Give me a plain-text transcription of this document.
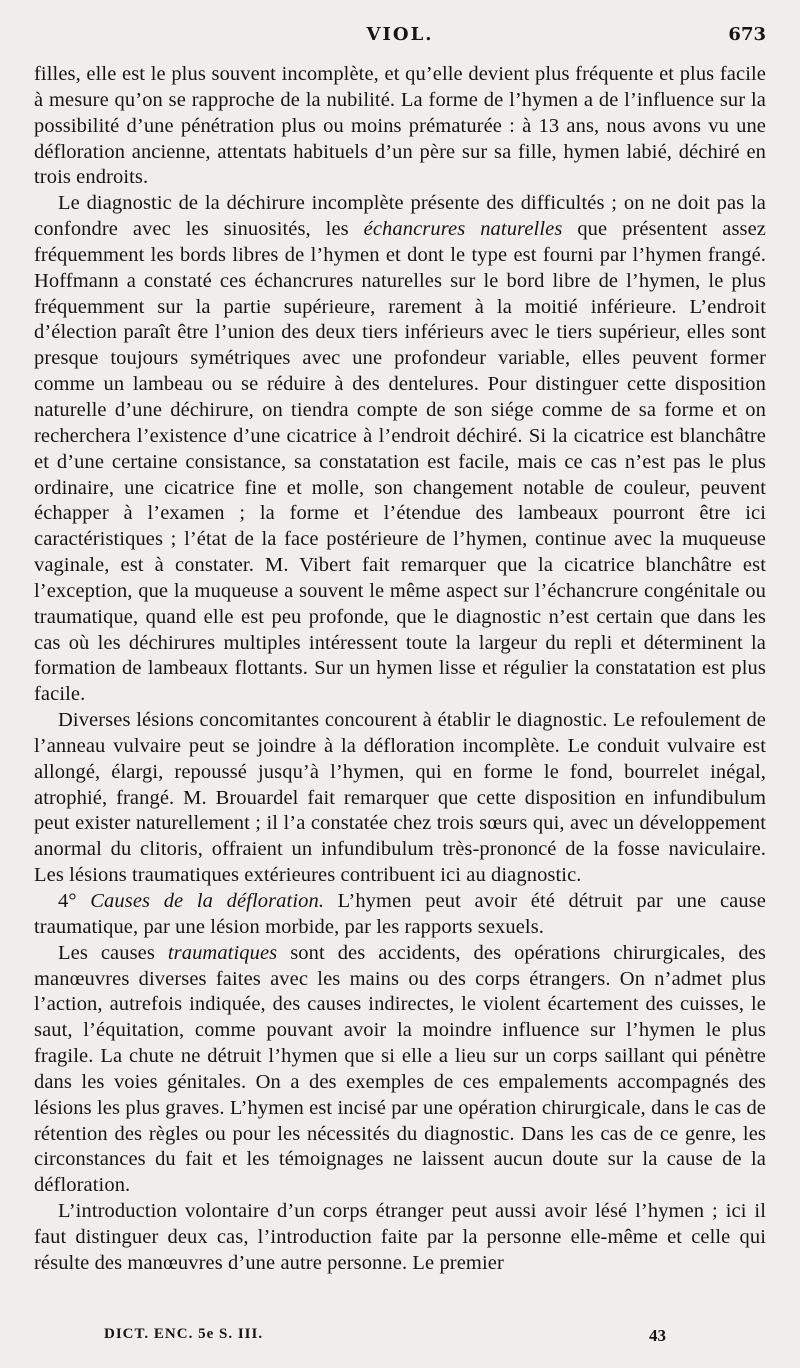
VIOL.	673

filles, elle est le plus souvent incomplète, et qu’elle devient plus fréquente et plus facile à mesure qu’on se rapproche de la nubilité. La forme de l’hymen a de l’influence sur la possibilité d’une pénétration plus ou moins prématurée : à 13 ans, nous avons vu une défloration ancienne, attentats habituels d’un père sur sa fille, hymen labié, déchiré en trois endroits.

Le diagnostic de la déchirure incomplète présente des difficultés ; on ne doit pas la confondre avec les sinuosités, les échancrures naturelles que présentent assez fréquemment les bords libres de l’hymen et dont le type est fourni par l’hymen frangé. Hoffmann a constaté ces échancrures naturelles sur le bord libre de l’hymen, le plus fréquemment sur la partie supérieure, rarement à la moitié inférieure. L’endroit d’élection paraît être l’union des deux tiers inférieurs avec le tiers supérieur, elles sont presque toujours symétriques avec une profondeur variable, elles peuvent former comme un lambeau ou se réduire à des dentelures. Pour distinguer cette disposition naturelle d’une déchirure, on tiendra compte de son siége comme de sa forme et on recherchera l’existence d’une cicatrice à l’endroit déchiré. Si la cicatrice est blanchâtre et d’une certaine consistance, sa constatation est facile, mais ce cas n’est pas le plus ordinaire, une cicatrice fine et molle, son changement notable de couleur, peuvent échapper à l’examen ; la forme et l’étendue des lambeaux pourront être ici caractéristiques ; l’état de la face postérieure de l’hymen, continue avec la muqueuse vaginale, est à constater. M. Vibert fait remarquer que la cicatrice blanchâtre est l’exception, que la muqueuse a souvent le même aspect sur l’échancrure congénitale ou traumatique, quand elle est peu profonde, que le diagnostic n’est certain que dans les cas où les déchirures multiples intéressent toute la largeur du repli et déterminent la formation de lambeaux flottants. Sur un hymen lisse et régulier la constatation est plus facile.

Diverses lésions concomitantes concourent à établir le diagnostic. Le refoulement de l’anneau vulvaire peut se joindre à la défloration incomplète. Le conduit vulvaire est allongé, élargi, repoussé jusqu’à l’hymen, qui en forme le fond, bourrelet inégal, atrophié, frangé. M. Brouardel fait remarquer que cette disposition en infundibulum peut exister naturellement ; il l’a constatée chez trois sœurs qui, avec un développement anormal du clitoris, offraient un infundibulum très-prononcé de la fosse naviculaire. Les lésions traumatiques extérieures contribuent ici au diagnostic.

4° Causes de la défloration. L’hymen peut avoir été détruit par une cause traumatique, par une lésion morbide, par les rapports sexuels.

Les causes traumatiques sont des accidents, des opérations chirurgicales, des manœuvres diverses faites avec les mains ou des corps étrangers. On n’admet plus l’action, autrefois indiquée, des causes indirectes, le violent écartement des cuisses, le saut, l’équitation, comme pouvant avoir la moindre influence sur l’hymen le plus fragile. La chute ne détruit l’hymen que si elle a lieu sur un corps saillant qui pénètre dans les voies génitales. On a des exemples de ces empalements accompagnés des lésions les plus graves. L’hymen est incisé par une opération chirurgicale, dans le cas de rétention des règles ou pour les nécessités du diagnostic. Dans les cas de ce genre, les circonstances du fait et les témoignages ne laissent aucun doute sur la cause de la défloration.

L’introduction volontaire d’un corps étranger peut aussi avoir lésé l’hymen ; ici il faut distinguer deux cas, l’introduction faite par la personne elle-même et celle qui résulte des manœuvres d’une autre personne. Le premier

DICT. ENC. 5e S. III.	43
